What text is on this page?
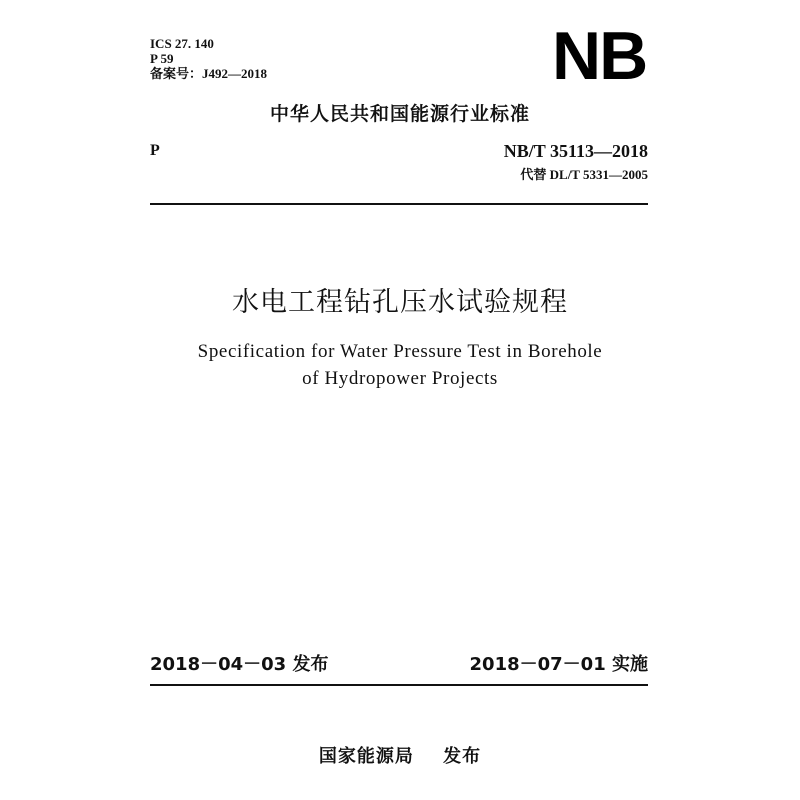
ICS 27. 140
P 59
备案号：J492—2018	NB
中华人民共和国能源行业标准
P	NB/T 35113—2018
代替 DL/T 5331—2005
水电工程钻孔压水试验规程
Specification for Water Pressure Test in Borehole
of Hydropower Projects
2018－04－03 发布	2018－07－01 实施
国家能源局 发布
